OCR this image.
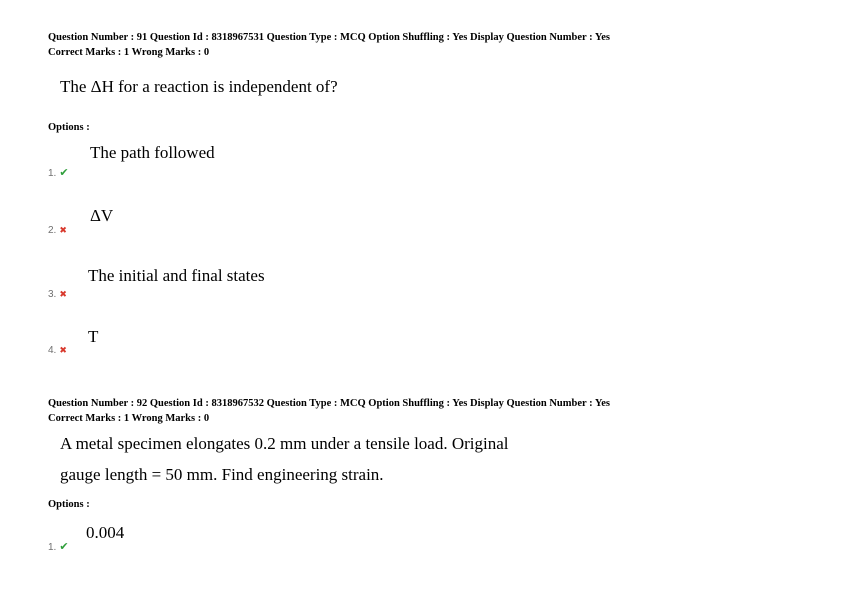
Question Number : 91 Question Id : 8318967531 Question Type : MCQ Option Shuffling : Yes Display Question Number : Yes
Correct Marks : 1 Wrong Marks : 0
The ΔH for a reaction is independent of?
Options :
The path followed
1. ✔
ΔV
2. ✖
The initial and final states
3. ✖
T
4. ✖
Question Number : 92 Question Id : 8318967532 Question Type : MCQ Option Shuffling : Yes Display Question Number : Yes
Correct Marks : 1 Wrong Marks : 0
A metal specimen elongates 0.2 mm under a tensile load. Original
gauge length = 50 mm. Find engineering strain.
Options :
0.004
1. ✔
